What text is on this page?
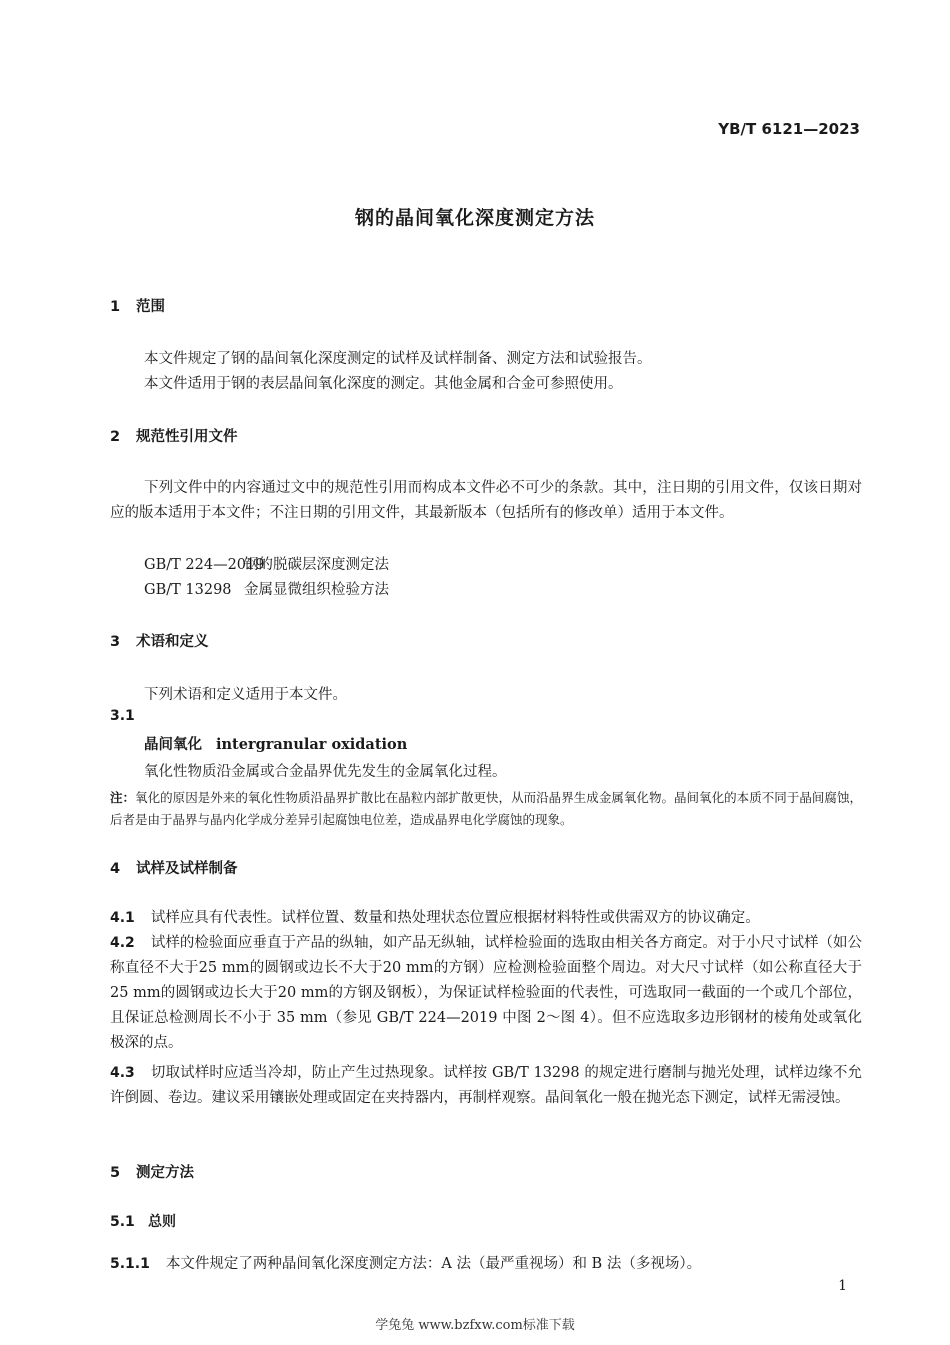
YB/T 6121—2023
钢的晶间氧化深度测定方法
1 范围
本文件规定了钢的晶间氧化深度测定的试样及试样制备、测定方法和试验报告。
本文件适用于钢的表层晶间氧化深度的测定。其他金属和合金可参照使用。
2 规范性引用文件
下列文件中的内容通过文中的规范性引用而构成本文件必不可少的条款。其中，注日期的引用文件，仅该日期对应的版本适用于本文件；不注日期的引用文件，其最新版本（包括所有的修改单）适用于本文件。
GB/T 224—2019钢的脱碳层深度测定法
GB/T 13298 金属显微组织检验方法
3 术语和定义
下列术语和定义适用于本文件。
3.1
晶间氧化 intergranular oxidation
氧化性物质沿金属或合金晶界优先发生的金属氧化过程。
注：氧化的原因是外来的氧化性物质沿晶界扩散比在晶粒内部扩散更快，从而沿晶界生成金属氧化物。晶间氧化的本质不同于晶间腐蚀，后者是由于晶界与晶内化学成分差异引起腐蚀电位差，造成晶界电化学腐蚀的现象。
4 试样及试样制备
4.1 试样应具有代表性。试样位置、数量和热处理状态位置应根据材料特性或供需双方的协议确定。
4.2 试样的检验面应垂直于产品的纵轴，如产品无纵轴，试样检验面的选取由相关各方商定。对于小尺寸试样（如公称直径不大于25 mm的圆钢或边长不大于20 mm的方钢）应检测检验面整个周边。对大尺寸试样（如公称直径大于25 mm的圆钢或边长大于20 mm的方钢及钢板），为保证试样检验面的代表性，可选取同一截面的一个或几个部位，且保证总检测周长不小于 35 mm（参见 GB/T 224—2019 中图 2～图 4）。但不应选取多边形钢材的棱角处或氧化极深的点。
4.3 切取试样时应适当冷却，防止产生过热现象。试样按 GB/T 13298 的规定进行磨制与抛光处理，试样边缘不允许倒圆、卷边。建议采用镶嵌处理或固定在夹持器内，再制样观察。晶间氧化一般在抛光态下测定，试样无需浸蚀。
5 测定方法
5.1 总则
5.1.1 本文件规定了两种晶间氧化深度测定方法：A 法（最严重视场）和 B 法（多视场）。
1
学兔兔 www.bzfxw.com标准下载
